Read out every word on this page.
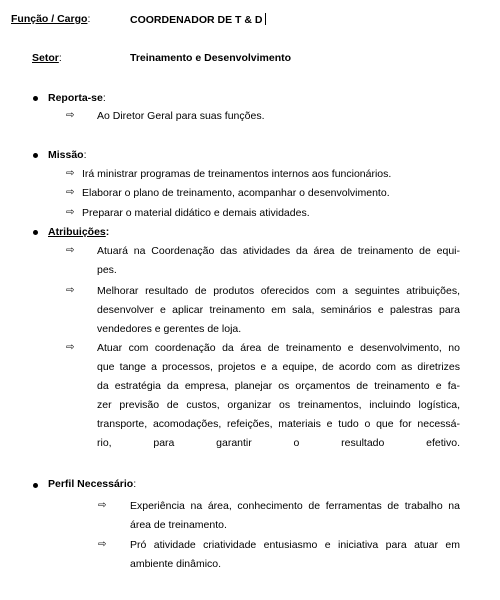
Função / Cargo:	COORDENADOR DE T & D
Setor:	Treinamento e Desenvolvimento
Reporta-se:
⇨ Ao Diretor Geral para suas funções.
Missão:
⇨ Irá ministrar programas de treinamentos internos aos funcionários.
⇨ Elaborar o plano de treinamento, acompanhar o desenvolvimento.
⇨ Preparar o material didático e demais atividades.
Atribuições:
⇨ Atuará na Coordenação das atividades da área de treinamento de equi-
pes.
⇨ Melhorar resultado de produtos oferecidos com a seguintes atribuições,
desenvolver e aplicar treinamento em sala, seminários e palestras para
vendedores e gerentes de loja.
⇨ Atuar com coordenação da área de treinamento e desenvolvimento, no
que tange a processos, projetos e a equipe, de acordo com as diretrizes
da estratégia da empresa, planejar os orçamentos de treinamento e fa-
zer previsão de custos, organizar os treinamentos, incluindo logística,
transporte, acomodações, refeições, materiais e tudo o que for necessá-
rio, para garantir o resultado efetivo.
Perfil Necessário:
⇨ Experiência na área, conhecimento de ferramentas de trabalho na
área de treinamento.
⇨ Pró atividade criatividade entusiasmo e iniciativa para atuar em
ambiente dinâmico.
